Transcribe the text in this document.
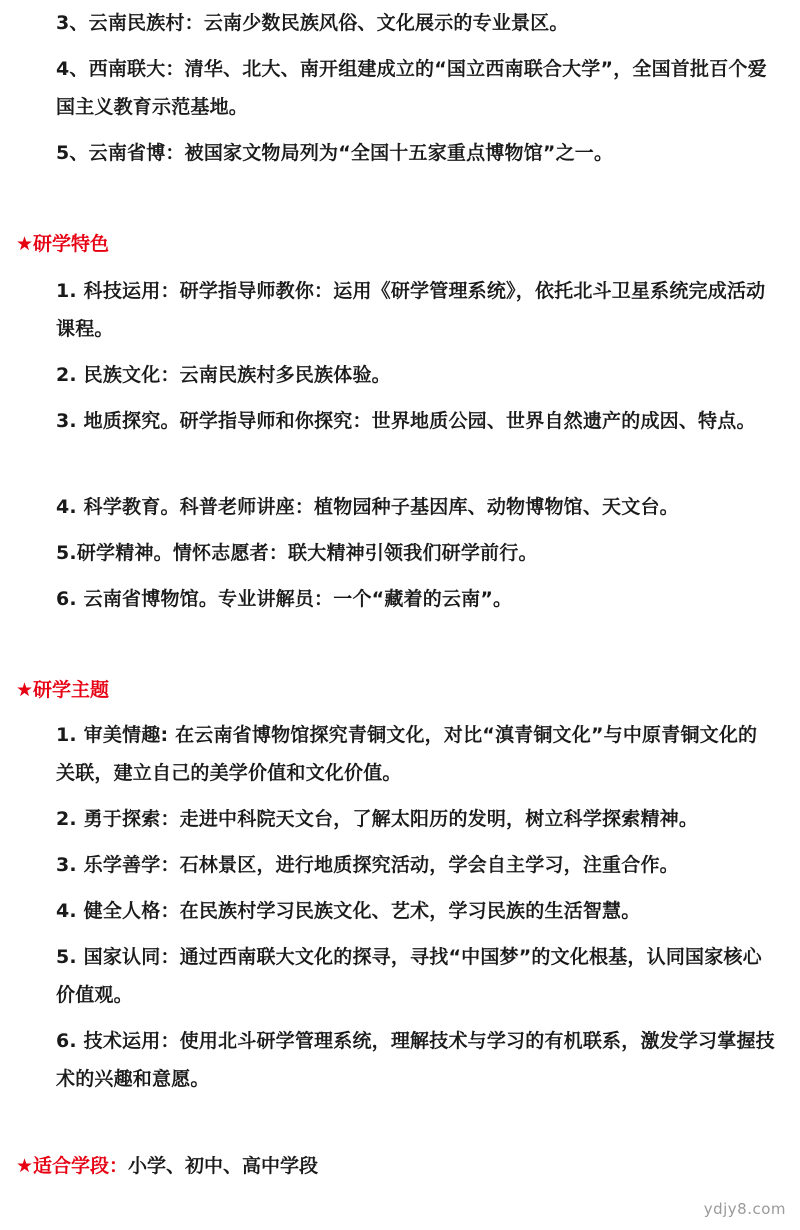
3、云南民族村：云南少数民族风俗、文化展示的专业景区。
4、西南联大：清华、北大、南开组建成立的“国立西南联合大学”，全国首批百个爱国主义教育示范基地。
5、云南省博：被国家文物局列为“全国十五家重点博物馆”之一。
★研学特色
1. 科技运用：研学指导师教你：运用《研学管理系统》，依托北斗卫星系统完成活动课程。
2. 民族文化：云南民族村多民族体验。
3. 地质探究。研学指导师和你探究：世界地质公园、世界自然遗产的成因、特点。
4. 科学教育。科普老师讲座：植物园种子基因库、动物博物馆、天文台。
5.研学精神。情怀志愿者：联大精神引领我们研学前行。
6. 云南省博物馆。专业讲解员：一个“藏着的云南”。
★研学主题
1. 审美情趣: 在云南省博物馆探究青铜文化，对比“滇青铜文化”与中原青铜文化的 关联，建立自己的美学价值和文化价值。
2. 勇于探索：走进中科院天文台，了解太阳历的发明，树立科学探索精神。
3. 乐学善学：石林景区，进行地质探究活动，学会自主学习，注重合作。
4. 健全人格：在民族村学习民族文化、艺术，学习民族的生活智慧。
5. 国家认同：通过西南联大文化的探寻，寻找“中国梦”的文化根基，认同国家核心价值观。
6. 技术运用：使用北斗研学管理系统，理解技术与学习的有机联系，激发学习掌握技术的兴趣和意愿。
★适合学段：小学、初中、高中学段
ydjy8.com
